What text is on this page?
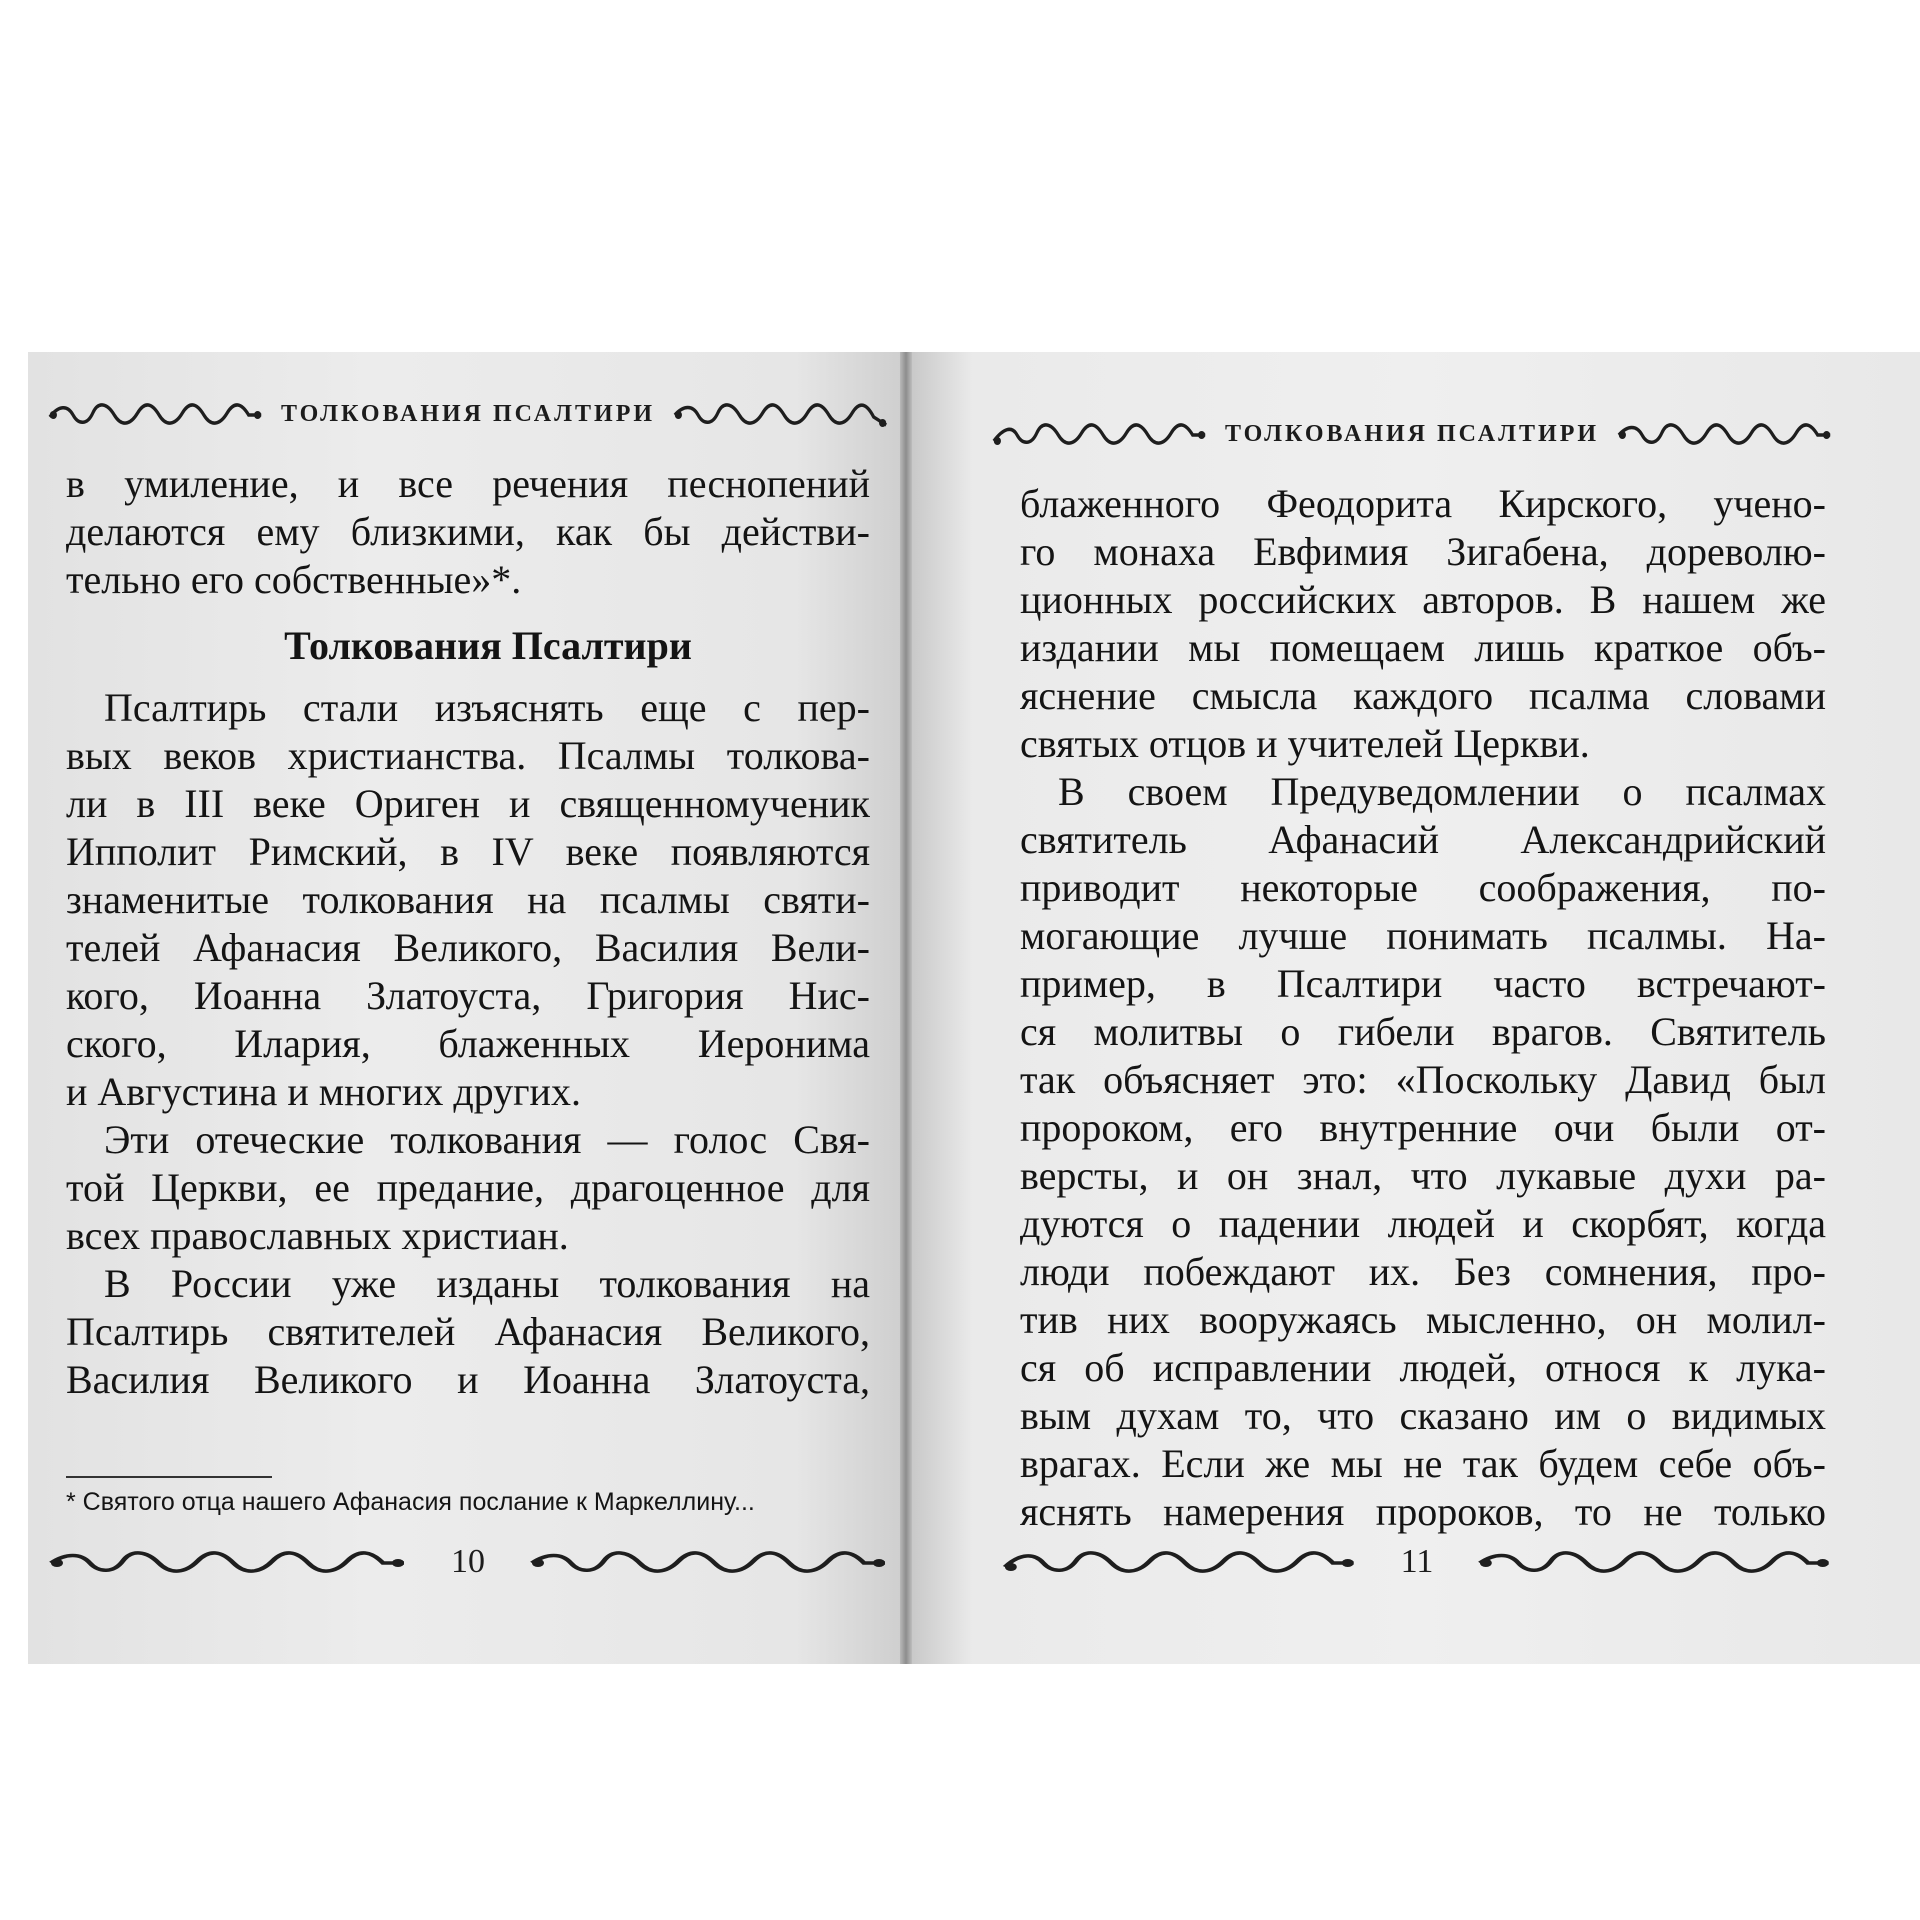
ТОЛКОВАНИЯ ПСАЛТИРИ
в умиление, и все речения песнопений
делаются ему близкими, как бы действи-
тельно его собственные»*.
Толкования Псалтири
Псалтирь стали изъяснять еще с пер-
вых веков христианства. Псалмы толкова-
ли в III веке Ориген и священномученик
Ипполит Римский, в IV веке появляются
знаменитые толкования на псалмы святи-
телей Афанасия Великого, Василия Вели-
кого, Иоанна Златоуста, Григория Нис-
ского, Илария, блаженных Иеронима
и Августина и многих других.
Эти отеческие толкования — голос Свя-
той Церкви, ее предание, драгоценное для
всех православных христиан.
В России уже изданы толкования на
Псалтирь святителей Афанасия Великого,
Василия Великого и Иоанна Златоуста,
* Святого отца нашего Афанасия послание к Маркеллину...
10
ТОЛКОВАНИЯ ПСАЛТИРИ
блаженного Феодорита Кирского, учено-
го монаха Евфимия Зигабена, дореволю-
ционных российских авторов. В нашем же
издании мы помещаем лишь краткое объ-
яснение смысла каждого псалма словами
святых отцов и учителей Церкви.
В своем Предуведомлении о псалмах
святитель Афанасий Александрийский
приводит некоторые соображения, по-
могающие лучше понимать псалмы. На-
пример, в Псалтири часто встречают-
ся молитвы о гибели врагов. Святитель
так объясняет это: «Поскольку Давид был
пророком, его внутренние очи были от-
версты, и он знал, что лукавые духи ра-
дуются о падении людей и скорбят, когда
люди побеждают их. Без сомнения, про-
тив них вооружаясь мысленно, он молил-
ся об исправлении людей, относя к лука-
вым духам то, что сказано им о видимых
врагах. Если же мы не так будем себе объ-
яснять намерения пророков, то не только
11
